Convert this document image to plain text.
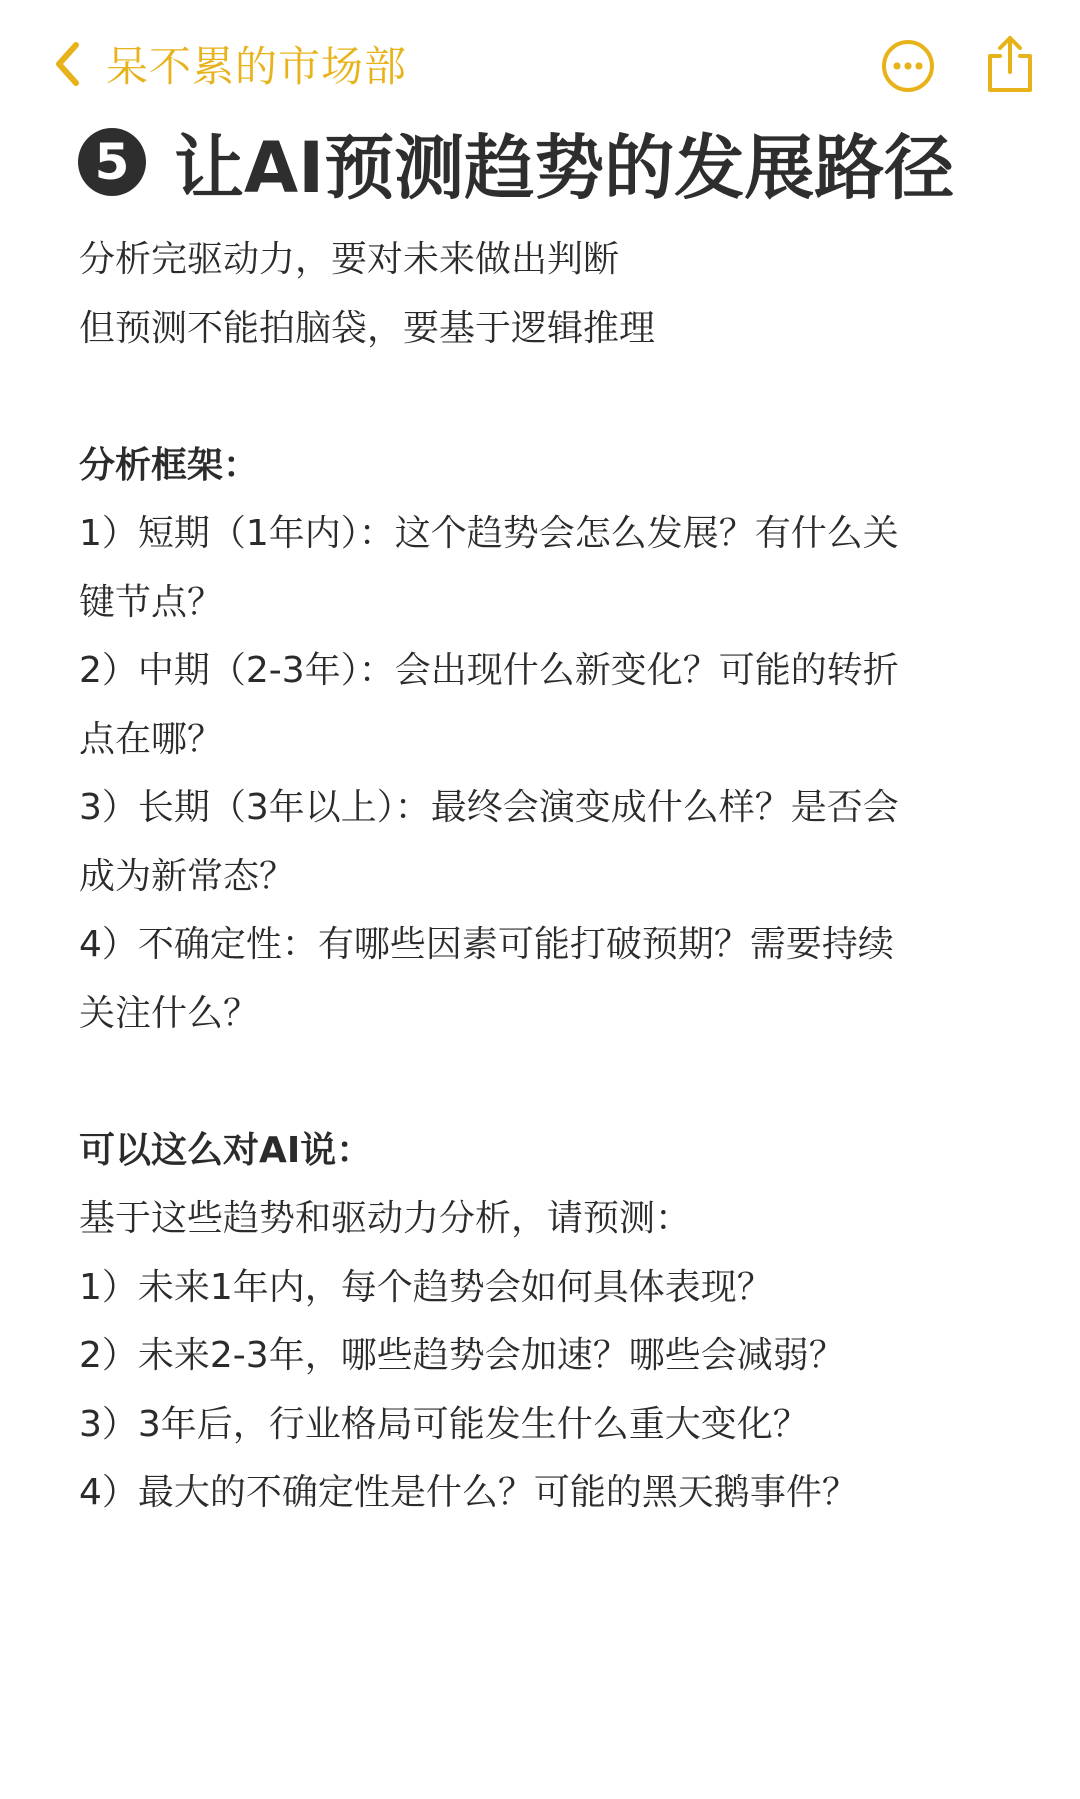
呆不累的市场部
5 让AI预测趋势的发展路径
分析完驱动力，要对未来做出判断
但预测不能拍脑袋，要基于逻辑推理
分析框架：
1）短期（1年内）：这个趋势会怎么发展？有什么关
键节点？
2）中期（2-3年）：会出现什么新变化？可能的转折
点在哪？
3）长期（3年以上）：最终会演变成什么样？是否会
成为新常态？
4）不确定性：有哪些因素可能打破预期？需要持续
关注什么？
可以这么对AI说：
基于这些趋势和驱动力分析，请预测：
1）未来1年内，每个趋势会如何具体表现？
2）未来2-3年，哪些趋势会加速？哪些会减弱？
3）3年后，行业格局可能发生什么重大变化？
4）最大的不确定性是什么？可能的黑天鹅事件？
